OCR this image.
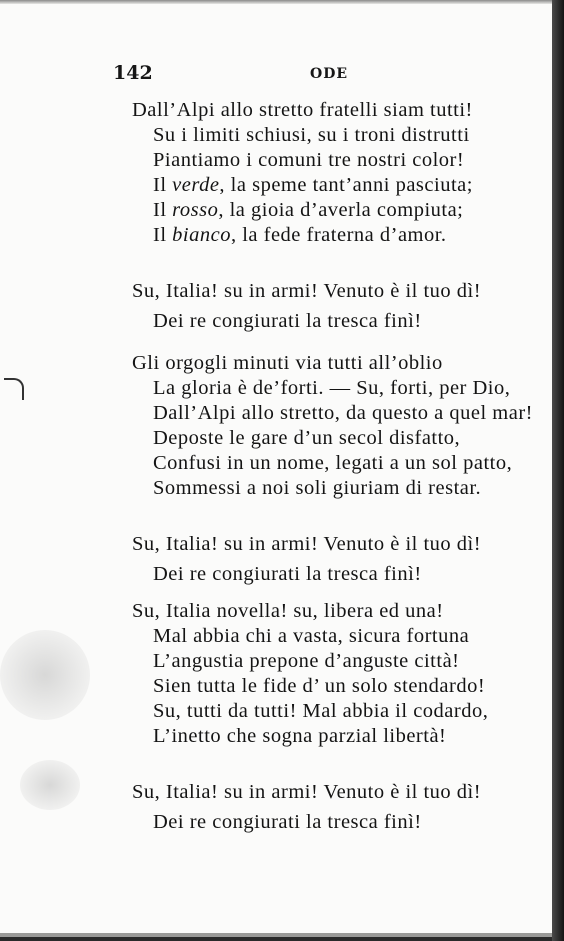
142	ODE
Dall’Alpi allo stretto fratelli siam tutti!
Su i limiti schiusi, su i troni distrutti
Piantiamo i comuni tre nostri color!
Il verde, la speme tant’anni pasciuta;
Il rosso, la gioia d’averla compiuta;
Il bianco, la fede fraterna d’amor.
Su, Italia! su in armi! Venuto è il tuo dì!
Dei re congiurati la tresca finì!
Gli orgogli minuti via tutti all’oblio
La gloria è de’forti. — Su, forti, per Dio,
Dall’Alpi allo stretto, da questo a quel mar!
Deposte le gare d’un secol disfatto,
Confusi in un nome, legati a un sol patto,
Sommessi a noi soli giuriam di restar.
Su, Italia! su in armi! Venuto è il tuo dì!
Dei re congiurati la tresca finì!
Su, Italia novella! su, libera ed una!
Mal abbia chi a vasta, sicura fortuna
L’angustia prepone d’anguste città!
Sien tutta le fide d’ un solo stendardo!
Su, tutti da tutti! Mal abbia il codardo,
L’inetto che sogna parzial libertà!
Su, Italia! su in armi! Venuto è il tuo dì!
Dei re congiurati la tresca finì!
